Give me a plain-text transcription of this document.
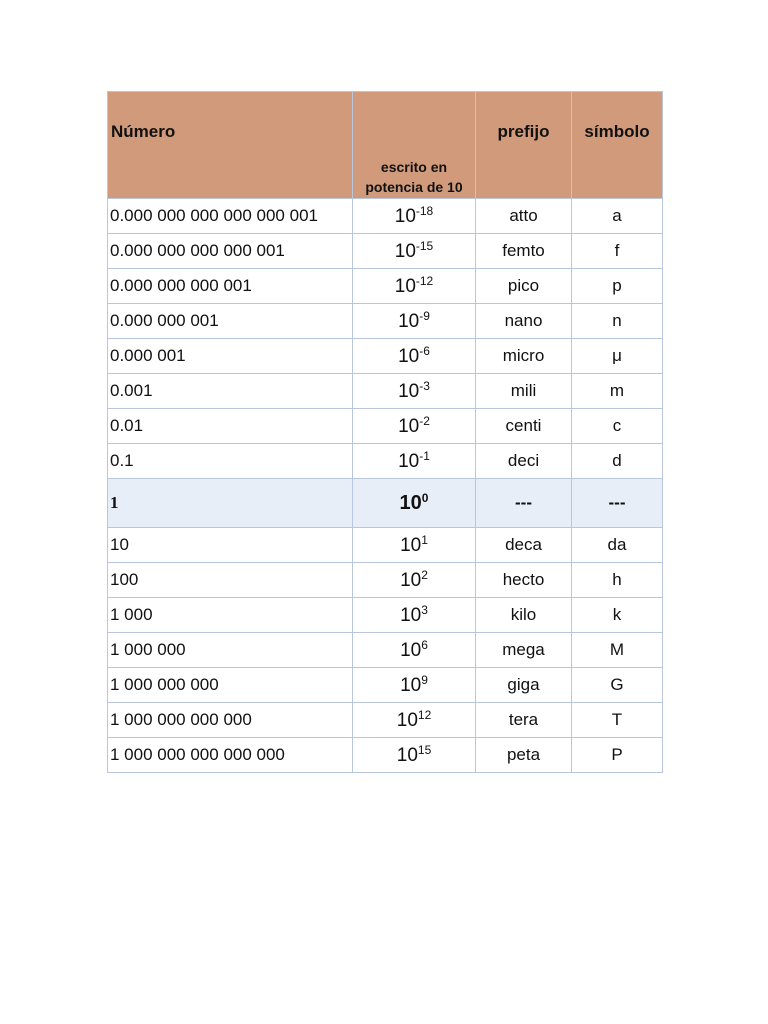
Número	escrito en potencia de 10	prefijo	símbolo
0.000 000 000 000 000 001	$10^{-18}$	atto	a
0.000 000 000 000 001	$10^{-15}$	femto	f
0.000 000 000 001	$10^{-12}$	pico	p
0.000 000 001	$10^{-9}$	nano	n
0.000 001	$10^{-6}$	micro	μ
0.001	$10^{-3}$	mili	m
0.01	$10^{-2}$	centi	c
0.1	$10^{-1}$	deci	d
1	$10^0$	---	---
10	$10^1$	deca	da
100	$10^2$	hecto	h
1 000	$10^3$	kilo	k
1 000 000	$10^6$	mega	M
1 000 000 000	$10^9$	giga	G
1 000 000 000 000	$10^{12}$	tera	T
1 000 000 000 000 000	$10^{15}$	peta	P
